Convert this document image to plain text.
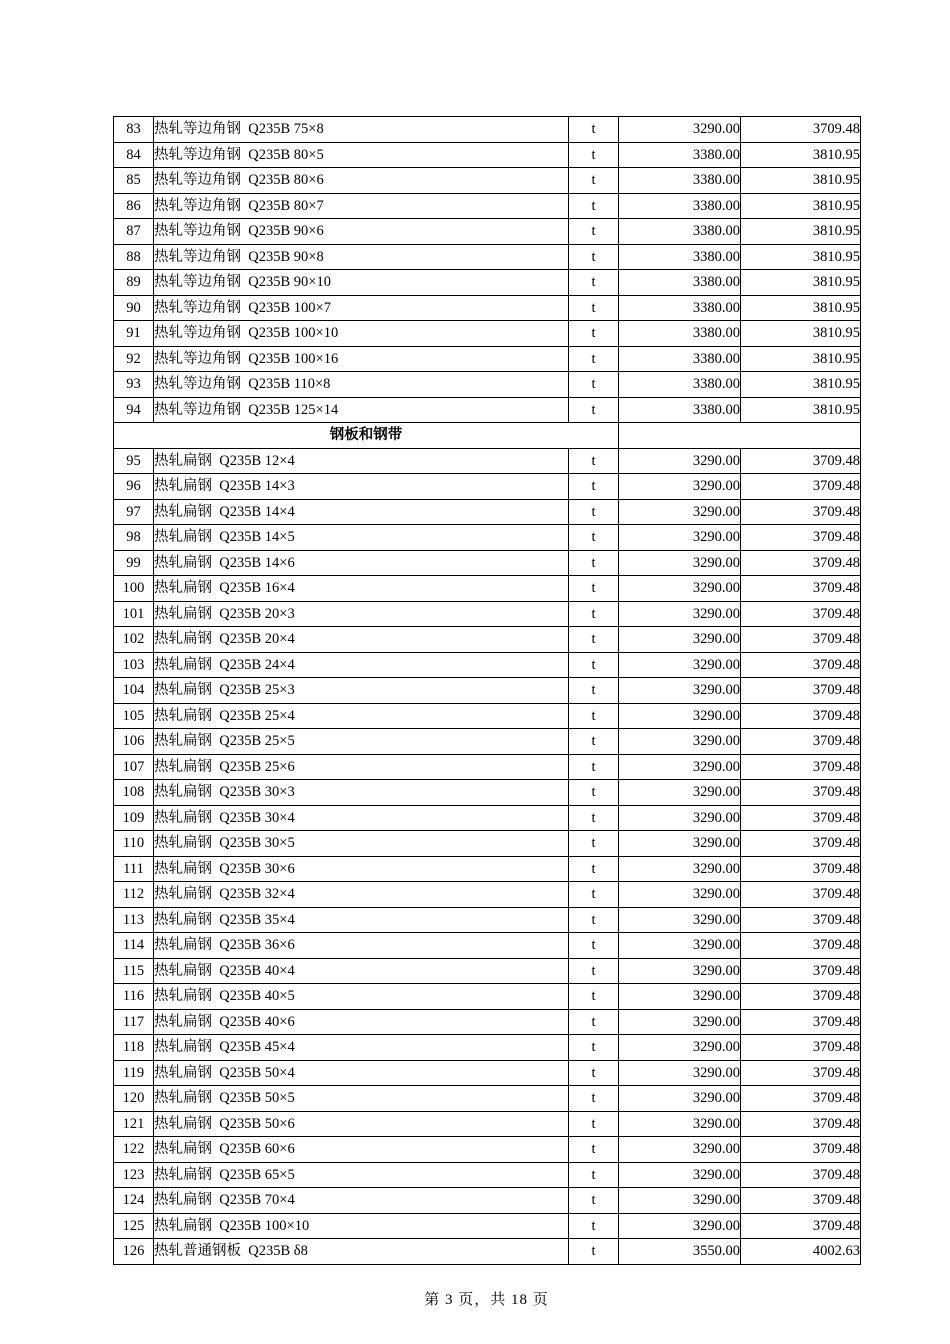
83	热轧等边角钢  Q235B 75×8	t	3290.00	3709.48
84	热轧等边角钢  Q235B 80×5	t	3380.00	3810.95
85	热轧等边角钢  Q235B 80×6	t	3380.00	3810.95
86	热轧等边角钢  Q235B 80×7	t	3380.00	3810.95
87	热轧等边角钢  Q235B 90×6	t	3380.00	3810.95
88	热轧等边角钢  Q235B 90×8	t	3380.00	3810.95
89	热轧等边角钢  Q235B 90×10	t	3380.00	3810.95
90	热轧等边角钢  Q235B 100×7	t	3380.00	3810.95
91	热轧等边角钢  Q235B 100×10	t	3380.00	3810.95
92	热轧等边角钢  Q235B 100×16	t	3380.00	3810.95
93	热轧等边角钢  Q235B 110×8	t	3380.00	3810.95
94	热轧等边角钢  Q235B 125×14	t	3380.00	3810.95
钢板和钢带				
95	热轧扁钢  Q235B 12×4	t	3290.00	3709.48
96	热轧扁钢  Q235B 14×3	t	3290.00	3709.48
97	热轧扁钢  Q235B 14×4	t	3290.00	3709.48
98	热轧扁钢  Q235B 14×5	t	3290.00	3709.48
99	热轧扁钢  Q235B 14×6	t	3290.00	3709.48
100	热轧扁钢  Q235B 16×4	t	3290.00	3709.48
101	热轧扁钢  Q235B 20×3	t	3290.00	3709.48
102	热轧扁钢  Q235B 20×4	t	3290.00	3709.48
103	热轧扁钢  Q235B 24×4	t	3290.00	3709.48
104	热轧扁钢  Q235B 25×3	t	3290.00	3709.48
105	热轧扁钢  Q235B 25×4	t	3290.00	3709.48
106	热轧扁钢  Q235B 25×5	t	3290.00	3709.48
107	热轧扁钢  Q235B 25×6	t	3290.00	3709.48
108	热轧扁钢  Q235B 30×3	t	3290.00	3709.48
109	热轧扁钢  Q235B 30×4	t	3290.00	3709.48
110	热轧扁钢  Q235B 30×5	t	3290.00	3709.48
111	热轧扁钢  Q235B 30×6	t	3290.00	3709.48
112	热轧扁钢  Q235B 32×4	t	3290.00	3709.48
113	热轧扁钢  Q235B 35×4	t	3290.00	3709.48
114	热轧扁钢  Q235B 36×6	t	3290.00	3709.48
115	热轧扁钢  Q235B 40×4	t	3290.00	3709.48
116	热轧扁钢  Q235B 40×5	t	3290.00	3709.48
117	热轧扁钢  Q235B 40×6	t	3290.00	3709.48
118	热轧扁钢  Q235B 45×4	t	3290.00	3709.48
119	热轧扁钢  Q235B 50×4	t	3290.00	3709.48
120	热轧扁钢  Q235B 50×5	t	3290.00	3709.48
121	热轧扁钢  Q235B 50×6	t	3290.00	3709.48
122	热轧扁钢  Q235B 60×6	t	3290.00	3709.48
123	热轧扁钢  Q235B 65×5	t	3290.00	3709.48
124	热轧扁钢  Q235B 70×4	t	3290.00	3709.48
125	热轧扁钢  Q235B 100×10	t	3290.00	3709.48
126	热轧普通钢板  Q235B δ8	t	3550.00	4002.63
第 3 页，共 18 页
